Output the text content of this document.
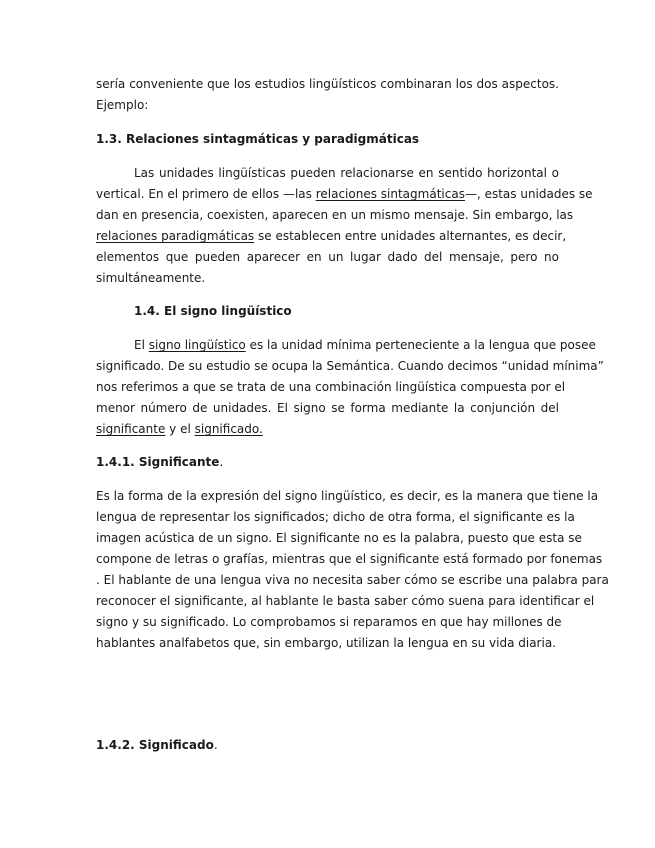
sería conveniente que los estudios lingüísticos combinaran los dos aspectos.
Ejemplo:
1.3. Relaciones sintagmáticas y paradigmáticas
Las unidades lingüísticas pueden relacionarse en sentido horizontal o
vertical. En el primero de ellos —las relaciones sintagmáticas—, estas unidades se
dan en presencia, coexisten, aparecen en un mismo mensaje. Sin embargo, las
relaciones paradigmáticas se establecen entre unidades alternantes, es decir,
elementos que pueden aparecer en un lugar dado del mensaje, pero no
simultáneamente.
1.4. El signo lingüístico
El signo lingüístico es la unidad mínima perteneciente a la lengua que posee
significado. De su estudio se ocupa la Semántica. Cuando decimos “unidad mínima”
nos referimos a que se trata de una combinación lingüística compuesta por el
menor número de unidades. El signo se forma mediante la conjunción del
significante y el significado.
1.4.1. Significante.
Es la forma de la expresión del signo lingüístico, es decir, es la manera que tiene la
lengua de representar los significados; dicho de otra forma, el significante es la
imagen acústica de un signo. El significante no es la palabra, puesto que esta se
compone de letras o grafías, mientras que el significante está formado por fonemas
. El hablante de una lengua viva no necesita saber cómo se escribe una palabra para
reconocer el significante, al hablante le basta saber cómo suena para identificar el
signo y su significado. Lo comprobamos si reparamos en que hay millones de
hablantes analfabetos que, sin embargo, utilizan la lengua en su vida diaria.
1.4.2. Significado.
